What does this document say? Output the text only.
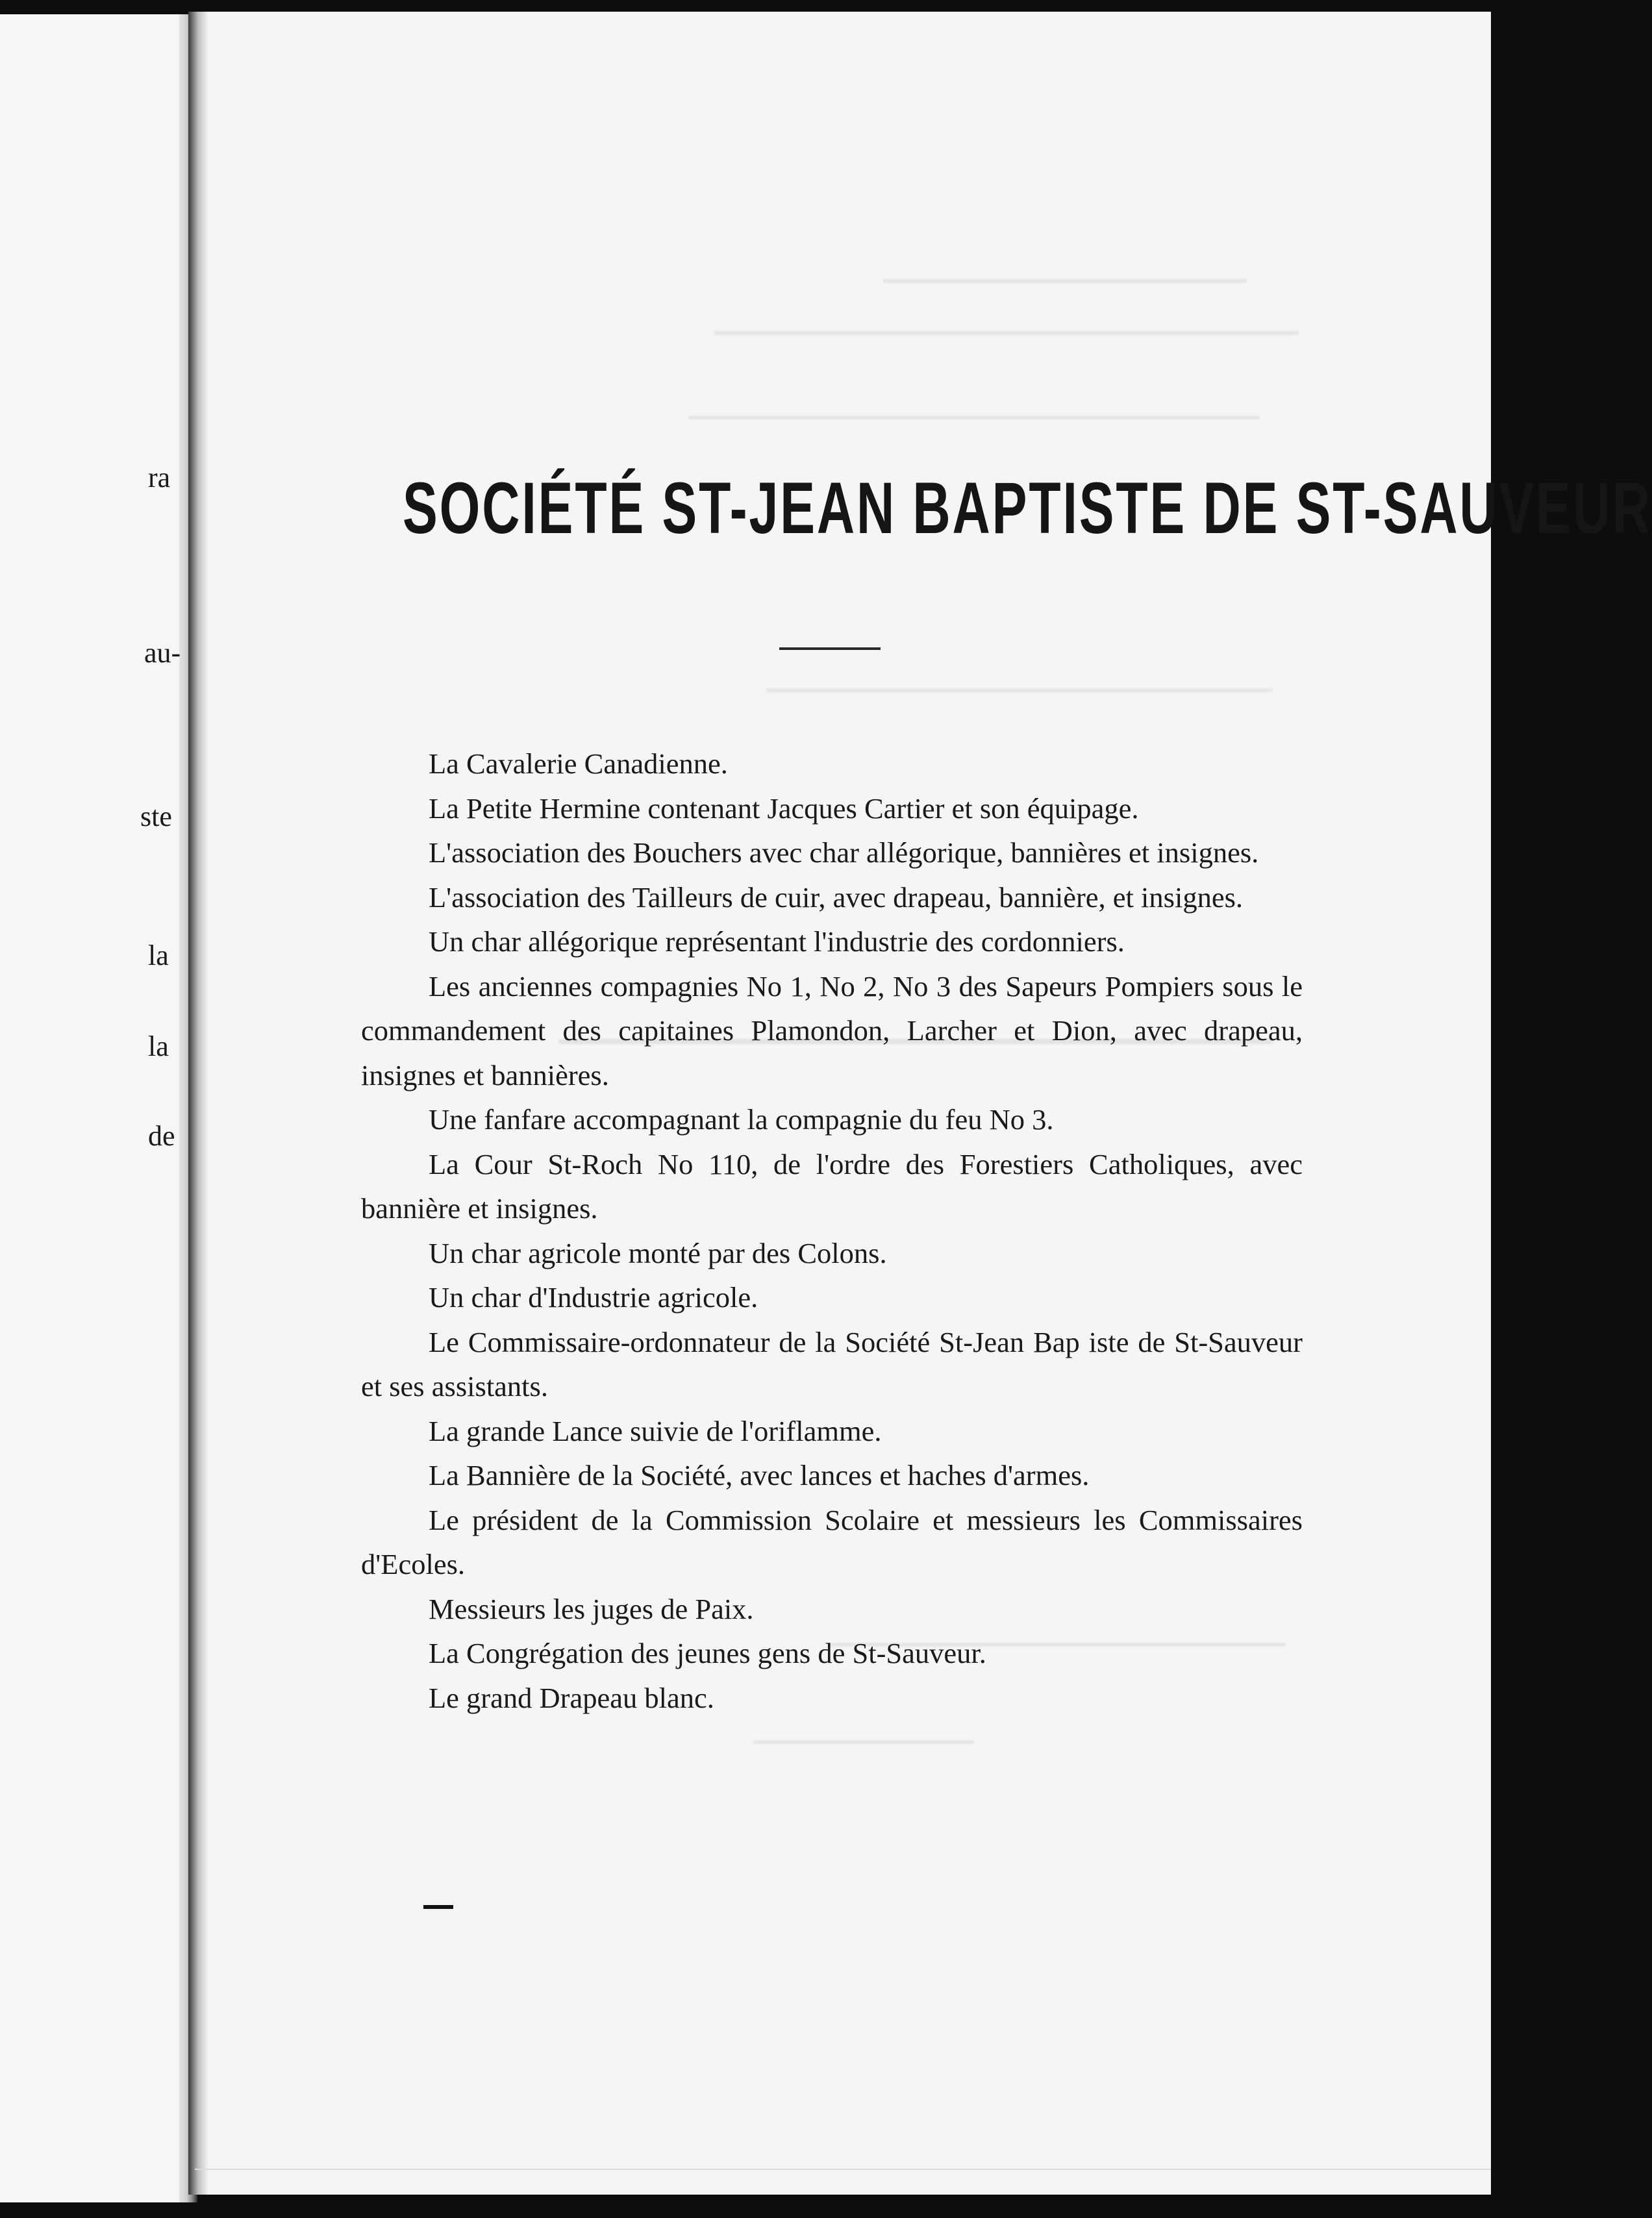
ra
au-
ste
la
la
de
SOCIÉTÉ ST-JEAN BAPTISTE DE ST-SAUVEUR

La Cavalerie Canadienne.

La Petite Hermine contenant Jacques Cartier et son équipage.

L'association des Bouchers avec char allégorique, bannières et insignes.

L'association des Tailleurs de cuir, avec drapeau, bannière, et insignes.

Un char allégorique représentant l'industrie des cordonniers.

Les anciennes compagnies No 1, No 2, No 3 des Sapeurs Pompiers sous le commandement des capitaines Plamondon, Larcher et Dion, avec drapeau, insignes et bannières.

Une fanfare accompagnant la compagnie du feu No 3.

La Cour St-Roch No 110, de l'ordre des Forestiers Catholiques, avec bannière et insignes.

Un char agricole monté par des Colons.

Un char d'Industrie agricole.

Le Commissaire-ordonnateur de la Société St-Jean Bap iste de St-Sauveur et ses assistants.

La grande Lance suivie de l'oriflamme.

La Bannière de la Société, avec lances et haches d'armes.

Le président de la Commission Scolaire et messieurs les Commissaires d'Ecoles.

Messieurs les juges de Paix.

La Congrégation des jeunes gens de St-Sauveur.

Le grand Drapeau blanc.
